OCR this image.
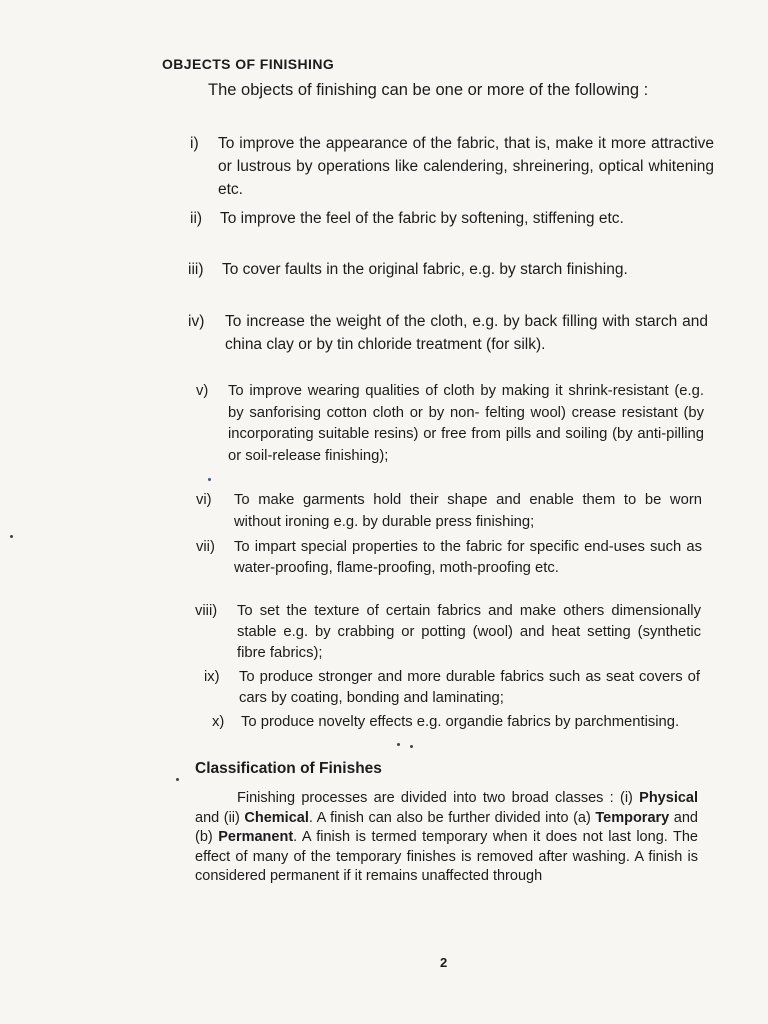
OBJECTS OF FINISHING
The objects of finishing can be one or more of the following :
i) To improve the appearance of the fabric, that is, make it more attractive or lustrous by operations like calendering, shreinering, optical whitening etc.
ii) To improve the feel of the fabric by softening, stiffening etc.
iii) To cover faults in the original fabric, e.g. by starch finishing.
iv) To increase the weight of the cloth, e.g. by back filling with starch and china clay or by tin chloride treatment (for silk).
v) To improve wearing qualities of cloth by making it shrink-resistant (e.g. by sanforising cotton cloth or by non- felting wool) crease resistant (by incorporating suitable resins) or free from pills and soiling (by anti-pilling or soil-release finishing);
vi) To make garments hold their shape and enable them to be worn without ironing e.g. by durable press finishing;
vii) To impart special properties to the fabric for specific end-uses such as water-proofing, flame-proofing, moth-proofing etc.
viii) To set the texture of certain fabrics and make others dimensionally stable e.g. by crabbing or potting (wool) and heat setting (synthetic fibre fabrics);
ix) To produce stronger and more durable fabrics such as seat covers of cars by coating, bonding and laminating;
x) To produce novelty effects e.g. organdie fabrics by parchmentising.
Classification of Finishes
Finishing processes are divided into two broad classes : (i) Physical and (ii) Chemical. A finish can also be further divided into (a) Temporary and (b) Permanent. A finish is termed temporary when it does not last long. The effect of many of the temporary finishes is removed after washing. A finish is considered permanent if it remains unaffected through
2
